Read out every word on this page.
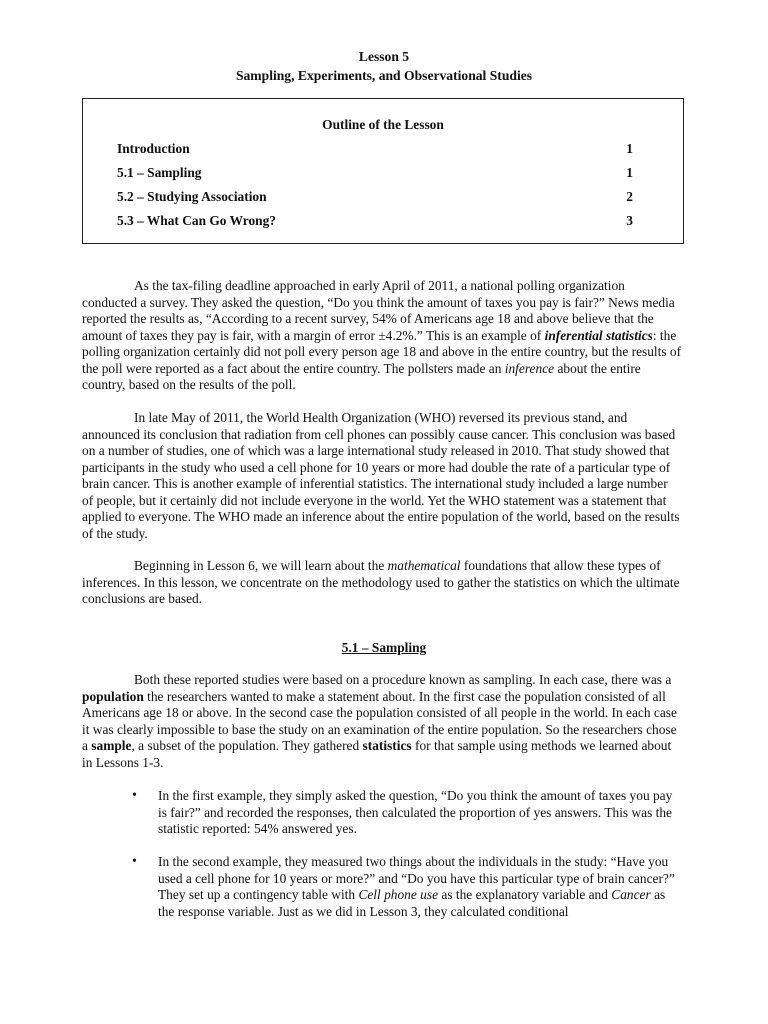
Lesson 5
Sampling, Experiments, and Observational Studies
Outline of the Lesson
Introduction	1
5.1 – Sampling	1
5.2 – Studying Association	2
5.3 – What Can Go Wrong?	3

As the tax-filing deadline approached in early April of 2011, a national polling organization conducted a survey. They asked the question, “Do you think the amount of taxes you pay is fair?” News media reported the results as, “According to a recent survey, 54% of Americans age 18 and above believe that the amount of taxes they pay is fair, with a margin of error ±4.2%.” This is an example of inferential statistics: the polling organization certainly did not poll every person age 18 and above in the entire country, but the results of the poll were reported as a fact about the entire country. The pollsters made an inference about the entire country, based on the results of the poll.

In late May of 2011, the World Health Organization (WHO) reversed its previous stand, and announced its conclusion that radiation from cell phones can possibly cause cancer. This conclusion was based on a number of studies, one of which was a large international study released in 2010. That study showed that participants in the study who used a cell phone for 10 years or more had double the rate of a particular type of brain cancer. This is another example of inferential statistics. The international study included a large number of people, but it certainly did not include everyone in the world. Yet the WHO statement was a statement that applied to everyone. The WHO made an inference about the entire population of the world, based on the results of the study.

Beginning in Lesson 6, we will learn about the mathematical foundations that allow these types of inferences. In this lesson, we concentrate on the methodology used to gather the statistics on which the ultimate conclusions are based.

5.1 – Sampling

Both these reported studies were based on a procedure known as sampling. In each case, there was a population the researchers wanted to make a statement about. In the first case the population consisted of all Americans age 18 or above. In the second case the population consisted of all people in the world. In each case it was clearly impossible to base the study on an examination of the entire population. So the researchers chose a sample, a subset of the population. They gathered statistics for that sample using methods we learned about in Lessons 1-3.

• In the first example, they simply asked the question, “Do you think the amount of taxes you pay is fair?” and recorded the responses, then calculated the proportion of yes answers. This was the statistic reported: 54% answered yes.
• In the second example, they measured two things about the individuals in the study: “Have you used a cell phone for 10 years or more?” and “Do you have this particular type of brain cancer?” They set up a contingency table with Cell phone use as the explanatory variable and Cancer as the response variable. Just as we did in Lesson 3, they calculated conditional
